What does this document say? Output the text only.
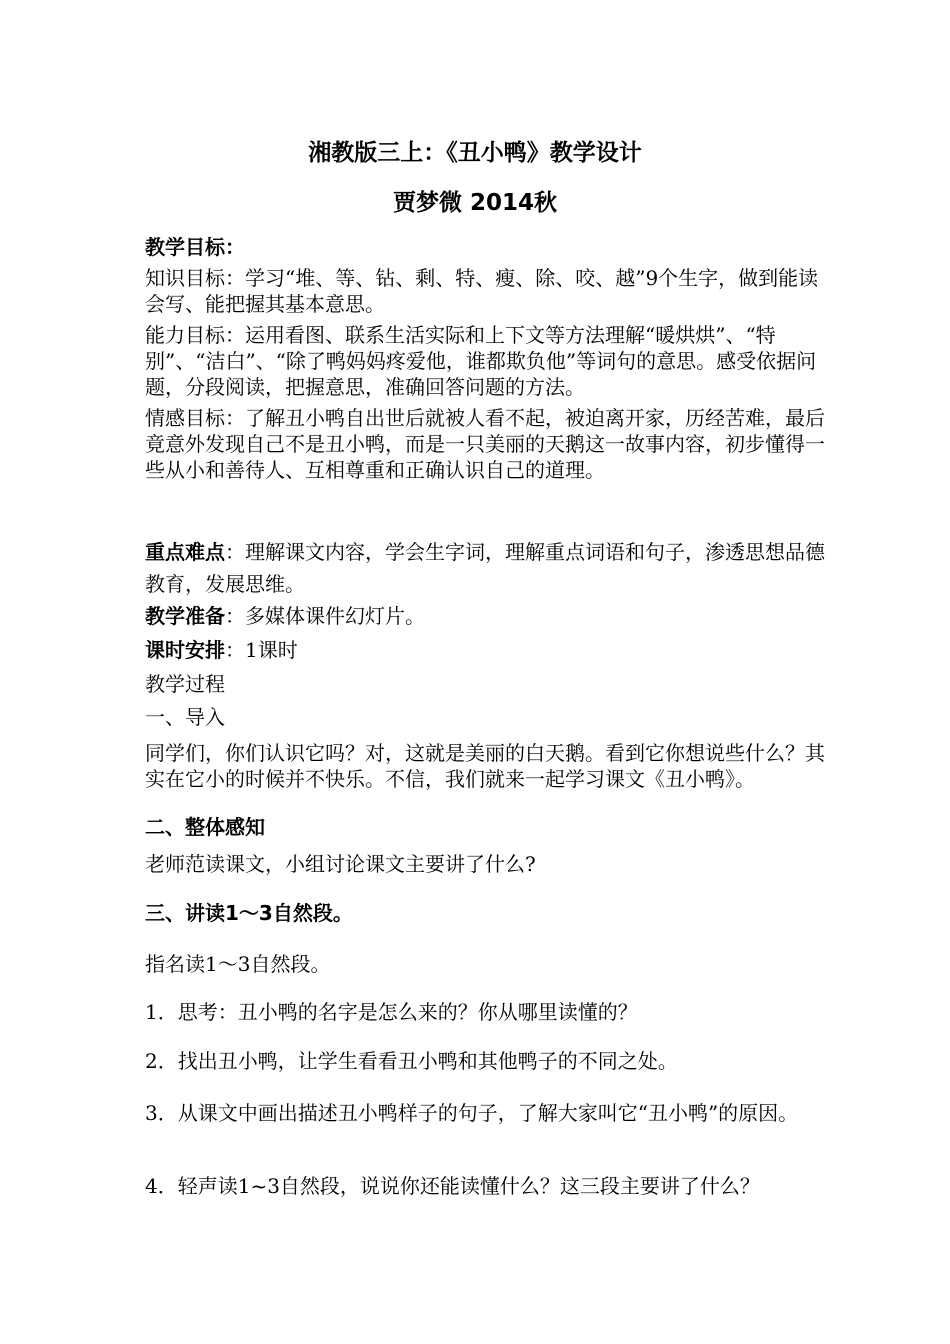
湘教版三上：《丑小鸭》教学设计
贾梦微 2014秋
教学目标：

知识目标：学习“堆、等、钻、剩、特、瘦、除、咬、越”9个生字，做到能读会写、能把握其基本意思。

能力目标：运用看图、联系生活实际和上下文等方法理解“暖烘烘”、“特别”、“洁白”、“除了鸭妈妈疼爱他，谁都欺负他”等词句的意思。感受依据问题，分段阅读，把握意思，准确回答问题的方法。

情感目标：了解丑小鸭自出世后就被人看不起，被迫离开家，历经苦难，最后竟意外发现自己不是丑小鸭，而是一只美丽的天鹅这一故事内容，初步懂得一些从小和善待人、互相尊重和正确认识自己的道理。

重点难点：理解课文内容，学会生字词，理解重点词语和句子，渗透思想品德教育，发展思维。

教学准备：多媒体课件幻灯片。

课时安排：1课时

教学过程

一、导入

同学们，你们认识它吗？对，这就是美丽的白天鹅。看到它你想说些什么？其实在它小的时候并不快乐。不信，我们就来一起学习课文《丑小鸭》。

二、整体感知

老师范读课文，小组讨论课文主要讲了什么?

三、讲读1～3自然段。

指名读1～3自然段。

1．思考：丑小鸭的名字是怎么来的？你从哪里读懂的？

2．找出丑小鸭，让学生看看丑小鸭和其他鸭子的不同之处。

3．从课文中画出描述丑小鸭样子的句子，了解大家叫它“丑小鸭”的原因。

4．轻声读1~3自然段，说说你还能读懂什么？这三段主要讲了什么？
